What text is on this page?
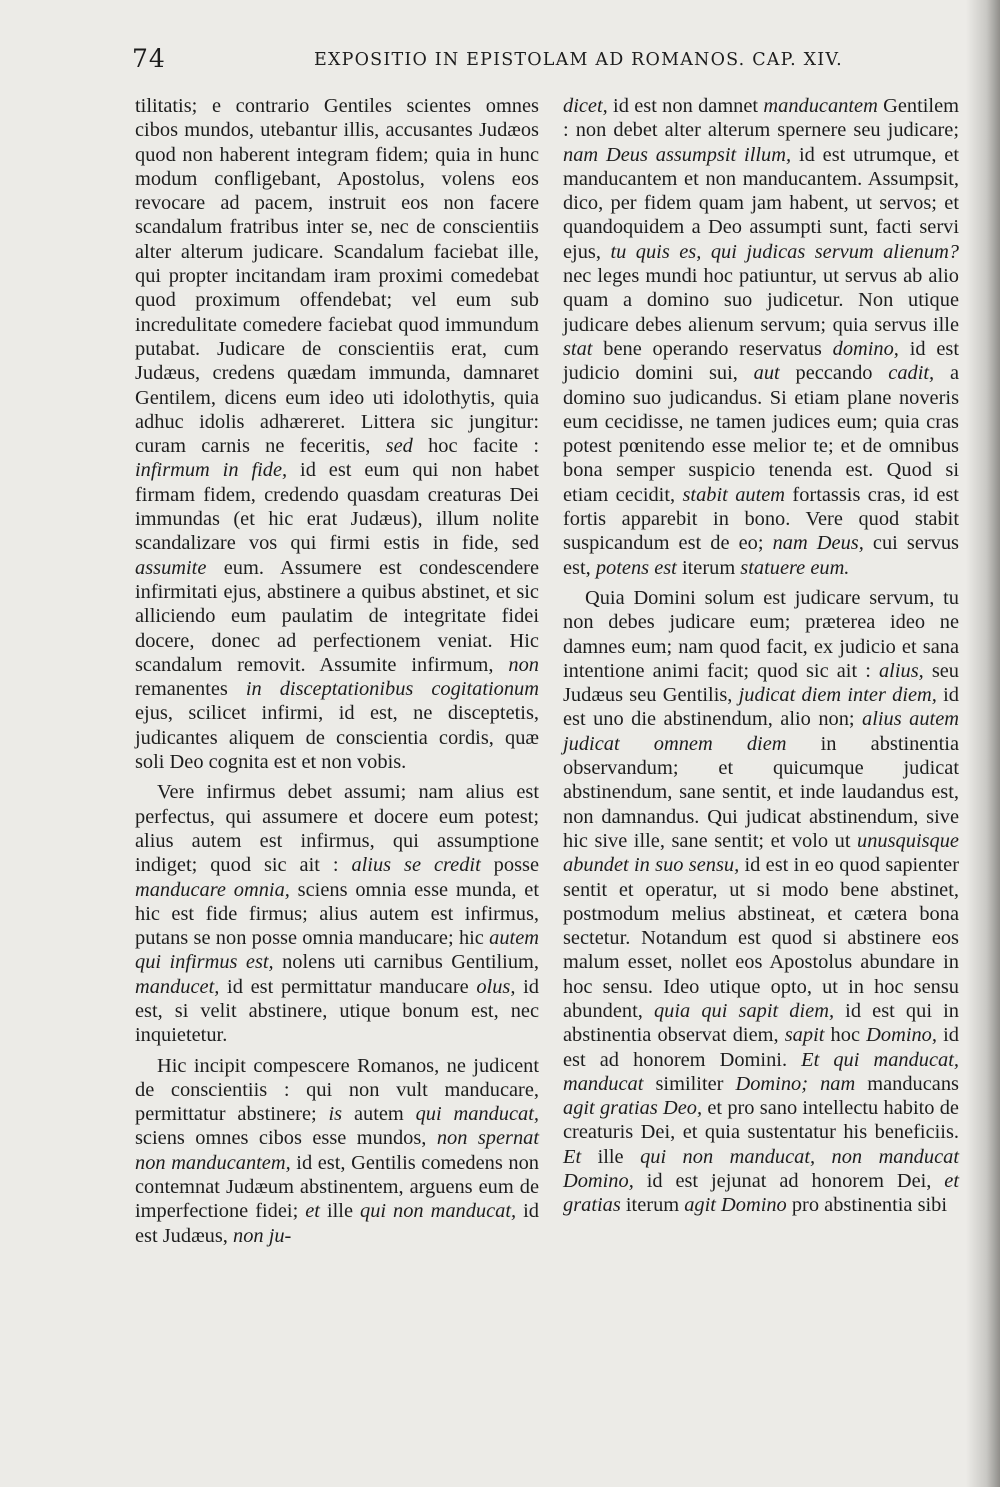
74	EXPOSITIO IN EPISTOLAM AD ROMANOS. CAP. XIV.

tilitatis; e contrario Gentiles scientes omnes cibos mundos, utebantur illis, accusantes Judæos quod non haberent integram fidem; quia in hunc modum confligebant, Apostolus, volens eos revocare ad pacem, instruit eos non facere scandalum fratribus inter se, nec de conscientiis alter alterum judicare. Scandalum faciebat ille, qui propter incitandam iram proximi comedebat quod proximum offendebat; vel eum sub incredulitate comedere faciebat quod immundum putabat. Judicare de conscientiis erat, cum Judæus, credens quædam immunda, damnaret Gentilem, dicens eum ideo uti idolothytis, quia adhuc idolis adhæreret. Littera sic jungitur: curam carnis ne feceritis, sed hoc facite : infirmum in fide, id est eum qui non habet firmam fidem, credendo quasdam creaturas Dei immundas (et hic erat Judæus), illum nolite scandalizare vos qui firmi estis in fide, sed assumite eum. Assumere est condescendere infirmitati ejus, abstinere a quibus abstinet, et sic alliciendo eum paulatim de integritate fidei docere, donec ad perfectionem veniat. Hic scandalum removit. Assumite infirmum, non remanentes in disceptationibus cogitationum ejus, scilicet infirmi, id est, ne disceptetis, judicantes aliquem de conscientia cordis, quæ soli Deo cognita est et non vobis.

Vere infirmus debet assumi; nam alius est perfectus, qui assumere et docere eum potest; alius autem est infirmus, qui assumptione indiget; quod sic ait : alius se credit posse manducare omnia, sciens omnia esse munda, et hic est fide firmus; alius autem est infirmus, putans se non posse omnia manducare; hic autem qui infirmus est, nolens uti carnibus Gentilium, manducet, id est permittatur manducare olus, id est, si velit abstinere, utique bonum est, nec inquietetur.

Hic incipit compescere Romanos, ne judicent de conscientiis : qui non vult manducare, permittatur abstinere; is autem qui manducat, sciens omnes cibos esse mundos, non spernat non manducantem, id est, Gentilis comedens non contemnat Judæum abstinentem, arguens eum de imperfectione fidei; et ille qui non manducat, id est Judæus, non ju-

dicet, id est non damnet manducantem Gentilem : non debet alter alterum spernere seu judicare; nam Deus assumpsit illum, id est utrumque, et manducantem et non manducantem. Assumpsit, dico, per fidem quam jam habent, ut servos; et quandoquidem a Deo assumpti sunt, facti servi ejus, tu quis es, qui judicas servum alienum? nec leges mundi hoc patiuntur, ut servus ab alio quam a domino suo judicetur. Non utique judicare debes alienum servum; quia servus ille stat bene operando reservatus domino, id est judicio domini sui, aut peccando cadit, a domino suo judicandus. Si etiam plane noveris eum cecidisse, ne tamen judices eum; quia cras potest pœnitendo esse melior te; et de omnibus bona semper suspicio tenenda est. Quod si etiam cecidit, stabit autem fortassis cras, id est fortis apparebit in bono. Vere quod stabit suspicandum est de eo; nam Deus, cui servus est, potens est iterum statuere eum.

Quia Domini solum est judicare servum, tu non debes judicare eum; præterea ideo ne damnes eum; nam quod facit, ex judicio et sana intentione animi facit; quod sic ait : alius, seu Judæus seu Gentilis, judicat diem inter diem, id est uno die abstinendum, alio non; alius autem judicat omnem diem in abstinentia observandum; et quicumque judicat abstinendum, sane sentit, et inde laudandus est, non damnandus. Qui judicat abstinendum, sive hic sive ille, sane sentit; et volo ut unusquisque abundet in suo sensu, id est in eo quod sapienter sentit et operatur, ut si modo bene abstinet, postmodum melius abstineat, et cætera bona sectetur. Notandum est quod si abstinere eos malum esset, nollet eos Apostolus abundare in hoc sensu. Ideo utique opto, ut in hoc sensu abundent, quia qui sapit diem, id est qui in abstinentia observat diem, sapit hoc Domino, id est ad honorem Domini. Et qui manducat, manducat similiter Domino; nam manducans agit gratias Deo, et pro sano intellectu habito de creaturis Dei, et quia sustentatur his beneficiis. Et ille qui non manducat, non manducat Domino, id est jejunat ad honorem Dei, et gratias iterum agit Domino pro abstinentia sibi
